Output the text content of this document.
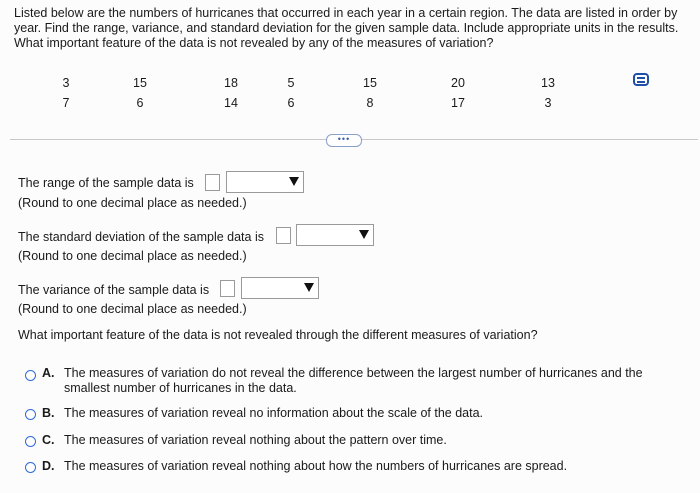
Listed below are the numbers of hurricanes that occurred in each year in a certain region. The data are listed in order by year. Find the range, variance, and standard deviation for the given sample data. Include appropriate units in the results. What important feature of the data is not revealed by any of the measures of variation?
3	15	18	5	15	20	13
7	6	14	6	8	17	3
•••
The range of the sample data is
(Round to one decimal place as needed.)
The standard deviation of the sample data is
(Round to one decimal place as needed.)
The variance of the sample data is
(Round to one decimal place as needed.)
What important feature of the data is not revealed through the different measures of variation?
A. The measures of variation do not reveal the difference between the largest number of hurricanes and the smallest number of hurricanes in the data.
B. The measures of variation reveal no information about the scale of the data.
C. The measures of variation reveal nothing about the pattern over time.
D. The measures of variation reveal nothing about how the numbers of hurricanes are spread.
